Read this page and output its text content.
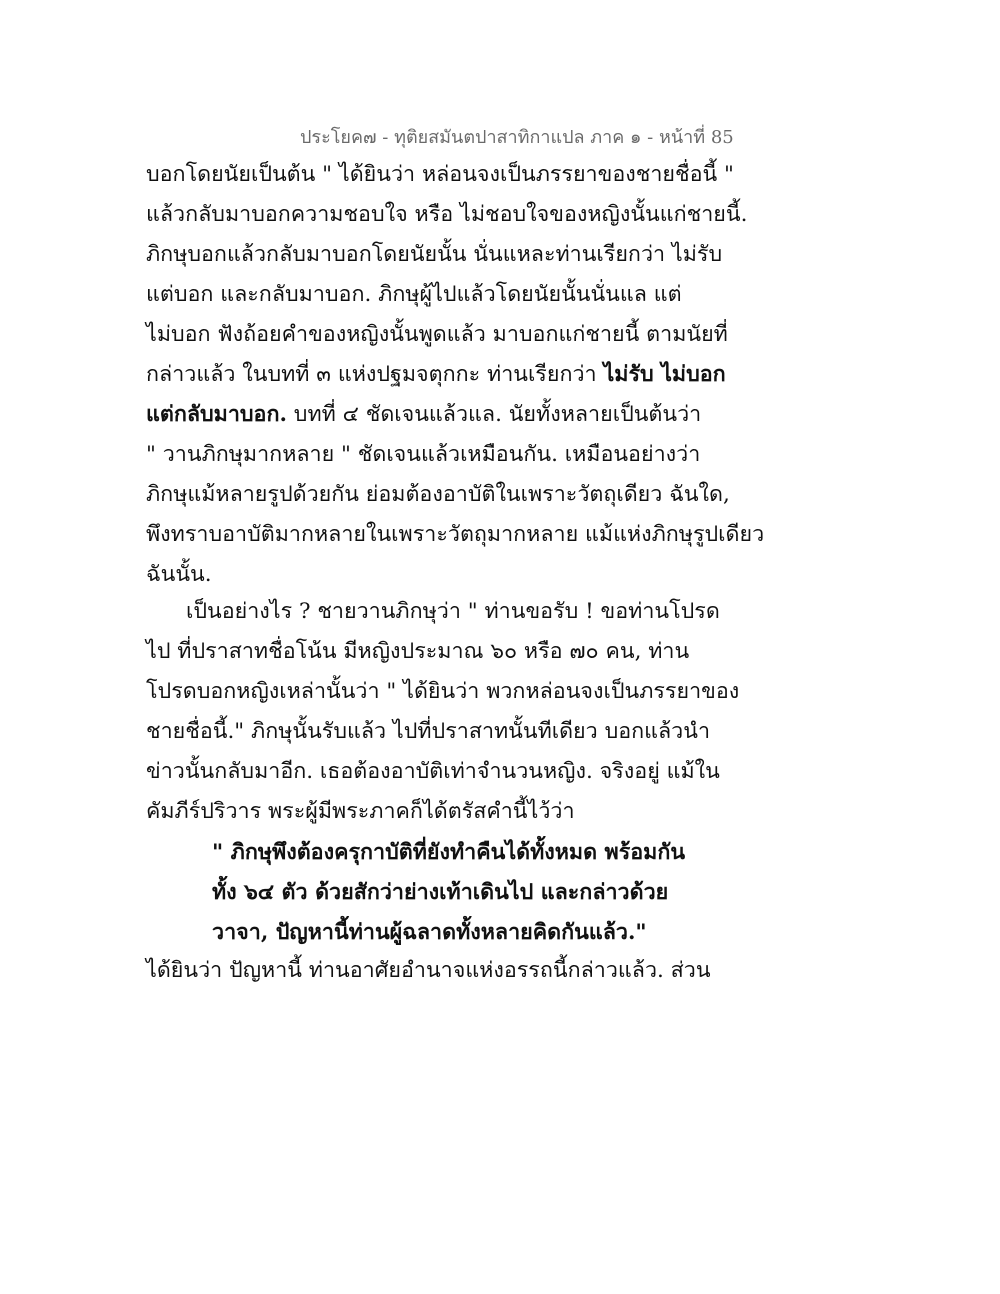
ประโยค๗ - ทุติยสมันตปาสาทิกาแปล ภาค ๑ - หน้าที่ 85
บอกโดยนัยเป็นต้น " ได้ยินว่า หล่อนจงเป็นภรรยาของชายชื่อนี้ "
แล้วกลับมาบอกความชอบใจ หรือ ไม่ชอบใจของหญิงนั้นแก่ชายนี้.
ภิกษุบอกแล้วกลับมาบอกโดยนัยนั้น นั่นแหละท่านเรียกว่า ไม่รับ
แต่บอก และกลับมาบอก. ภิกษุผู้ไปแล้วโดยนัยนั้นนั่นแล แต่
ไม่บอก ฟังถ้อยคำของหญิงนั้นพูดแล้ว มาบอกแก่ชายนี้ ตามนัยที่
กล่าวแล้ว ในบทที่ ๓ แห่งปฐมจตุกกะ ท่านเรียกว่า ไม่รับ ไม่บอก
แต่กลับมาบอก. บทที่ ๔ ชัดเจนแล้วแล. นัยทั้งหลายเป็นต้นว่า
" วานภิกษุมากหลาย " ชัดเจนแล้วเหมือนกัน. เหมือนอย่างว่า
ภิกษุแม้หลายรูปด้วยกัน ย่อมต้องอาบัติในเพราะวัตถุเดียว ฉันใด,
พึงทราบอาบัติมากหลายในเพราะวัตถุมากหลาย แม้แห่งภิกษุรูปเดียว
ฉันนั้น.
เป็นอย่างไร ? ชายวานภิกษุว่า " ท่านขอรับ ! ขอท่านโปรด
ไป ที่ปราสาทชื่อโน้น มีหญิงประมาณ ๖๐ หรือ ๗๐ คน, ท่าน
โปรดบอกหญิงเหล่านั้นว่า " ได้ยินว่า พวกหล่อนจงเป็นภรรยาของ
ชายชื่อนี้." ภิกษุนั้นรับแล้ว ไปที่ปราสาทนั้นทีเดียว บอกแล้วนำ
ข่าวนั้นกลับมาอีก. เธอต้องอาบัติเท่าจำนวนหญิง. จริงอยู่ แม้ใน
คัมภีร์ปริวาร พระผู้มีพระภาคก็ได้ตรัสคำนี้ไว้ว่า
" ภิกษุพึงต้องครุกาบัติที่ยังทำคืนได้ทั้งหมด พร้อมกัน
ทั้ง ๖๔ ตัว ด้วยสักว่าย่างเท้าเดินไป และกล่าวด้วย
วาจา, ปัญหานี้ท่านผู้ฉลาดทั้งหลายคิดกันแล้ว."
ได้ยินว่า ปัญหานี้ ท่านอาศัยอำนาจแห่งอรรถนี้กล่าวแล้ว. ส่วน
